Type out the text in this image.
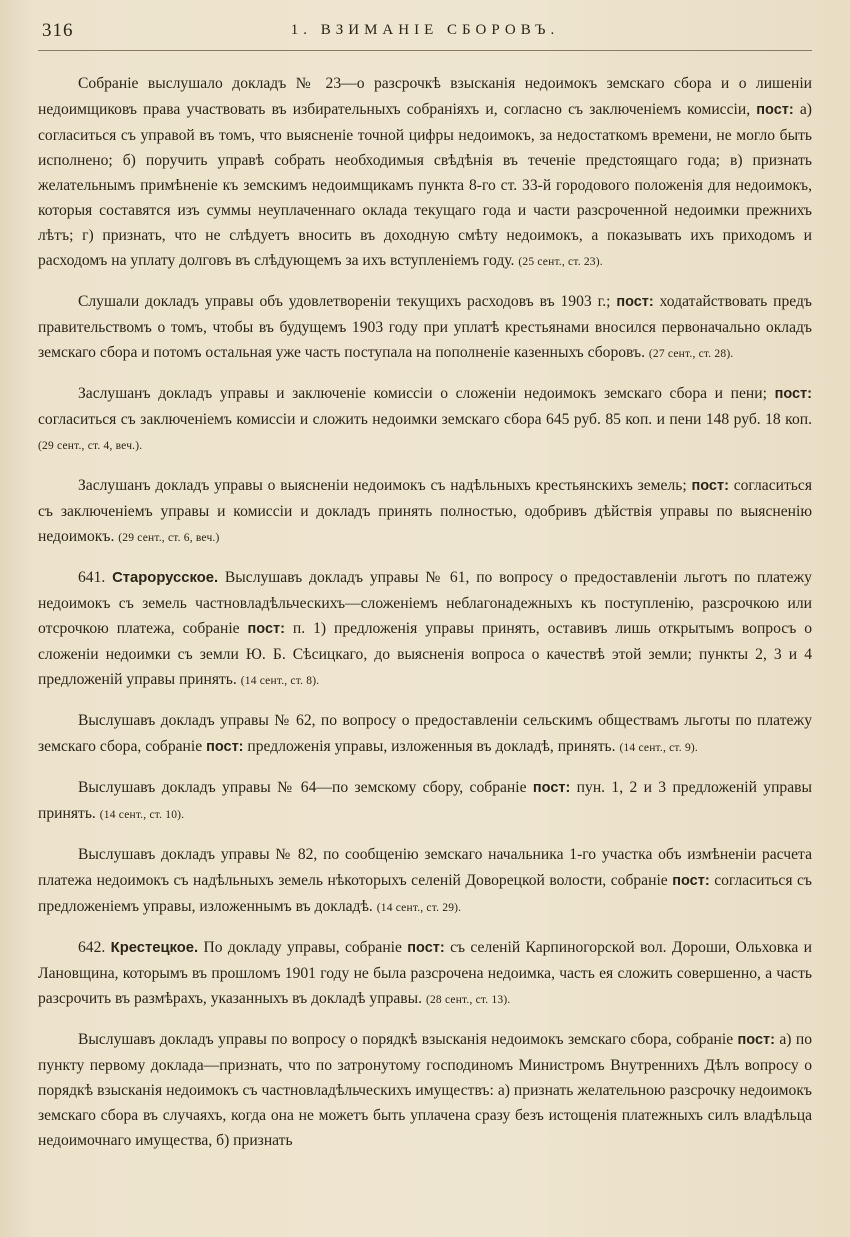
316	1. ВЗИМАНІЕ СБОРОВЪ.

Собраніе выслушало докладъ № 23—о разсрочкѣ взысканія недоимокъ земскаго сбора и о лишеніи недоимщиковъ права участвовать въ избирательныхъ собраніяхъ и, согласно съ заключеніемъ комиссіи, пост: а) согласиться съ управой въ томъ, что выясненіе точной цифры недоимокъ, за недостаткомъ времени, не могло быть исполнено; б) поручить управѣ собрать необходимыя свѣдѣнія въ теченіе предстоящаго года; в) признать желательнымъ примѣненіе къ земскимъ недоимщикамъ пункта 8-го ст. 33-й городового положенія для недоимокъ, которыя составятся изъ суммы неуплаченнаго оклада текущаго года и части разсроченной недоимки прежнихъ лѣтъ; г) признать, что не слѣдуетъ вносить въ доходную смѣту недоимокъ, а показывать ихъ приходомъ и расходомъ на уплату долговъ въ слѣдующемъ за ихъ вступленіемъ году. (25 сент., ст. 23).

Слушали докладъ управы объ удовлетвореніи текущихъ расходовъ въ 1903 г.; пост: ходатайствовать предъ правительствомъ о томъ, чтобы въ будущемъ 1903 году при уплатѣ крестьянами вносился первоначально окладъ земскаго сбора и потомъ остальная уже часть поступала на пополненіе казенныхъ сборовъ. (27 сент., ст. 28).

Заслушанъ докладъ управы и заключеніе комиссіи о сложеніи недоимокъ земскаго сбора и пени; пост: согласиться съ заключеніемъ комиссіи и сложить недоимки земскаго сбора 645 руб. 85 коп. и пени 148 руб. 18 коп. (29 сент., ст. 4, веч.).

Заслушанъ докладъ управы о выясненіи недоимокъ съ надѣльныхъ крестьянскихъ земель; пост: согласиться съ заключеніемъ управы и комиссіи и докладъ принять полностью, одобривъ дѣйствія управы по выясненію недоимокъ. (29 сент., ст. 6, веч.)

641. Старорусское. Выслушавъ докладъ управы № 61, по вопросу о предоставленіи льготъ по платежу недоимокъ съ земель частновладѣльческихъ—сложеніемъ неблагонадежныхъ къ поступленію, разсрочкою или отсрочкою платежа, собраніе пост: п. 1) предложенія управы принять, оставивъ лишь открытымъ вопросъ о сложеніи недоимки съ земли Ю. Б. Сѣсицкаго, до выясненія вопроса о качествѣ этой земли; пункты 2, 3 и 4 предложеній управы принять. (14 сент., ст. 8).

Выслушавъ докладъ управы № 62, по вопросу о предоставленіи сельскимъ обществамъ льготы по платежу земскаго сбора, собраніе пост: предложенія управы, изложенныя въ докладѣ, принять. (14 сент., ст. 9).

Выслушавъ докладъ управы № 64—по земскому сбору, собраніе пост: пун. 1, 2 и 3 предложеній управы принять. (14 сент., ст. 10).

Выслушавъ докладъ управы № 82, по сообщенію земскаго начальника 1-го участка объ измѣненіи расчета платежа недоимокъ съ надѣльныхъ земель нѣкоторыхъ селеній Доворецкой волости, собраніе пост: согласиться съ предложеніемъ управы, изложеннымъ въ докладѣ. (14 сент., ст. 29).

642. Крестецкое. По докладу управы, собраніе пост: съ селеній Карпиногорской вол. Дороши, Ольховка и Лановщина, которымъ въ прошломъ 1901 году не была разсрочена недоимка, часть ея сложить совершенно, а часть разсрочить въ размѣрахъ, указанныхъ въ докладѣ управы. (28 сент., ст. 13).

Выслушавъ докладъ управы по вопросу о порядкѣ взысканія недоимокъ земскаго сбора, собраніе пост: а) по пункту первому доклада—признать, что по затронутому господиномъ Министромъ Внутреннихъ Дѣлъ вопросу о порядкѣ взысканія недоимокъ съ частновладѣльческихъ имуществъ: а) признать желательною разсрочку недоимокъ земскаго сбора въ случаяхъ, когда она не можетъ быть уплачена сразу безъ истощенія платежныхъ силъ владѣльца недоимочнаго имущества, б) признать
